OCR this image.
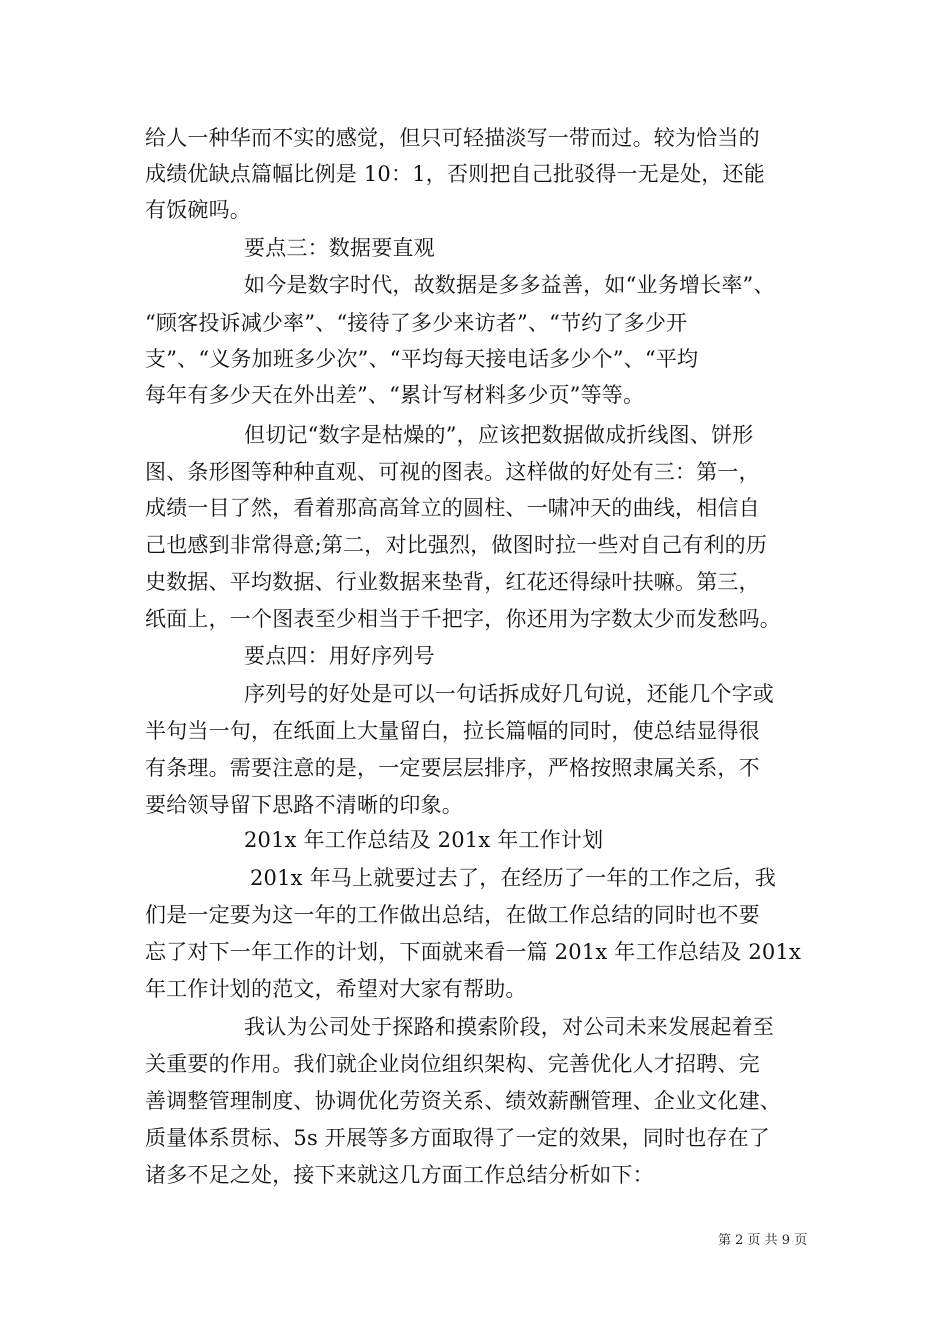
给人一种华而不实的感觉，但只可轻描淡写一带而过。较为恰当的
成绩优缺点篇幅比例是 10：1，否则把自己批驳得一无是处，还能
有饭碗吗。
要点三：数据要直观
如今是数字时代，故数据是多多益善，如“业务增长率”、
“顾客投诉减少率”、“接待了多少来访者”、“节约了多少开
支”、“义务加班多少次”、“平均每天接电话多少个”、“平均
每年有多少天在外出差”、“累计写材料多少页”等等。
但切记“数字是枯燥的”，应该把数据做成折线图、饼形
图、条形图等种种直观、可视的图表。这样做的好处有三：第一，
成绩一目了然，看着那高高耸立的圆柱、一啸冲天的曲线，相信自
己也感到非常得意;第二，对比强烈，做图时拉一些对自己有利的历
史数据、平均数据、行业数据来垫背，红花还得绿叶扶嘛。第三，
纸面上，一个图表至少相当于千把字，你还用为字数太少而发愁吗。
要点四：用好序列号
序列号的好处是可以一句话拆成好几句说，还能几个字或
半句当一句，在纸面上大量留白，拉长篇幅的同时，使总结显得很
有条理。需要注意的是，一定要层层排序，严格按照隶属关系，不
要给领导留下思路不清晰的印象。
201x 年工作总结及 201x 年工作计划
201x 年马上就要过去了，在经历了一年的工作之后，我
们是一定要为这一年的工作做出总结，在做工作总结的同时也不要
忘了对下一年工作的计划，下面就来看一篇 201x 年工作总结及 201x
年工作计划的范文，希望对大家有帮助。
我认为公司处于探路和摸索阶段，对公司未来发展起着至
关重要的作用。我们就企业岗位组织架构、完善优化人才招聘、完
善调整管理制度、协调优化劳资关系、绩效薪酬管理、企业文化建、
质量体系贯标、5s 开展等多方面取得了一定的效果，同时也存在了
诸多不足之处，接下来就这几方面工作总结分析如下：
第 2 页 共 9 页
